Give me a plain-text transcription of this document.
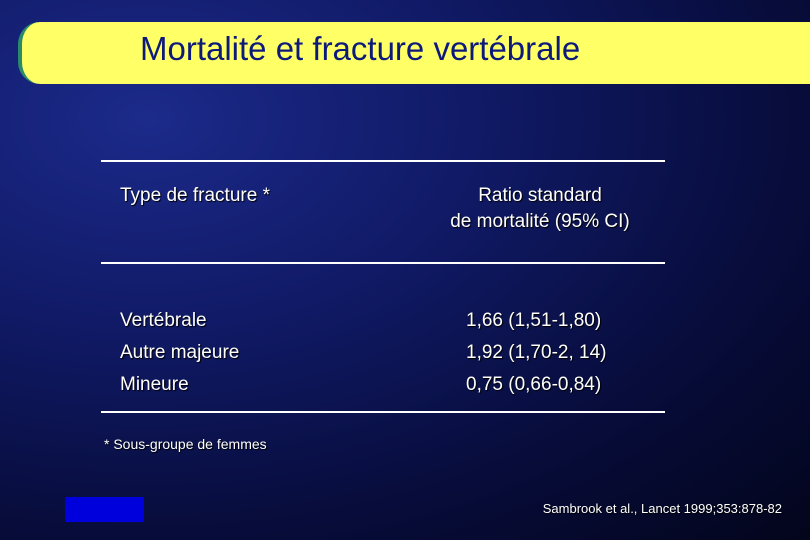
Mortalité et fracture vertébrale
Type de fracture *	Ratio standard
de mortalité (95% CI)
Vertébrale	1,66 (1,51-1,80)
Autre majeure	1,92 (1,70-2, 14)
Mineure	0,75 (0,66-0,84)
* Sous-groupe de femmes
Sambrook et al., Lancet 1999;353:878-82
